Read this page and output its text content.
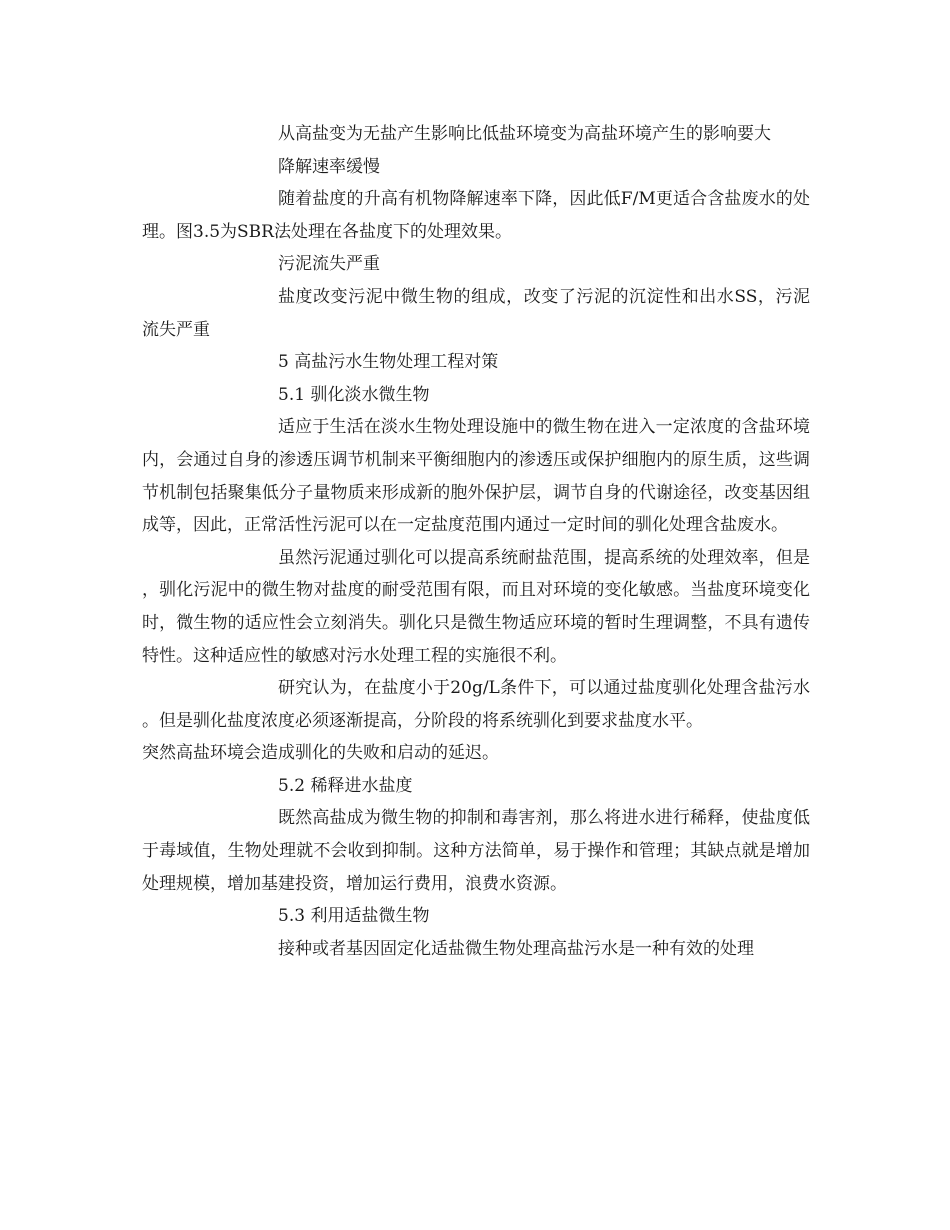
从高盐变为无盐产生影响比低盐环境变为高盐环境产生的影响要大

降解速率缓慢

随着盐度的升高有机物降解速率下降，因此低F/M更适合含盐废水的处理。图3.5为SBR法处理在各盐度下的处理效果。

污泥流失严重

盐度改变污泥中微生物的组成，改变了污泥的沉淀性和出水SS，污泥流失严重

5 高盐污水生物处理工程对策

5.1 驯化淡水微生物

适应于生活在淡水生物处理设施中的微生物在进入一定浓度的含盐环境内，会通过自身的渗透压调节机制来平衡细胞内的渗透压或保护细胞内的原生质，这些调节机制包括聚集低分子量物质来形成新的胞外保护层，调节自身的代谢途径，改变基因组成等，因此，正常活性污泥可以在一定盐度范围内通过一定时间的驯化处理含盐废水。

虽然污泥通过驯化可以提高系统耐盐范围，提高系统的处理效率，但是，驯化污泥中的微生物对盐度的耐受范围有限，而且对环境的变化敏感。当盐度环境变化时，微生物的适应性会立刻消失。驯化只是微生物适应环境的暂时生理调整，不具有遗传特性。这种适应性的敏感对污水处理工程的实施很不利。

研究认为，在盐度小于20g/L条件下，可以通过盐度驯化处理含盐污水。但是驯化盐度浓度必须逐渐提高，分阶段的将系统驯化到要求盐度水平。

突然高盐环境会造成驯化的失败和启动的延迟。

5.2 稀释进水盐度

既然高盐成为微生物的抑制和毒害剂，那么将进水进行稀释，使盐度低于毒域值，生物处理就不会收到抑制。这种方法简单，易于操作和管理；其缺点就是增加处理规模，增加基建投资，增加运行费用，浪费水资源。

5.3 利用适盐微生物

接种或者基因固定化适盐微生物处理高盐污水是一种有效的处理
